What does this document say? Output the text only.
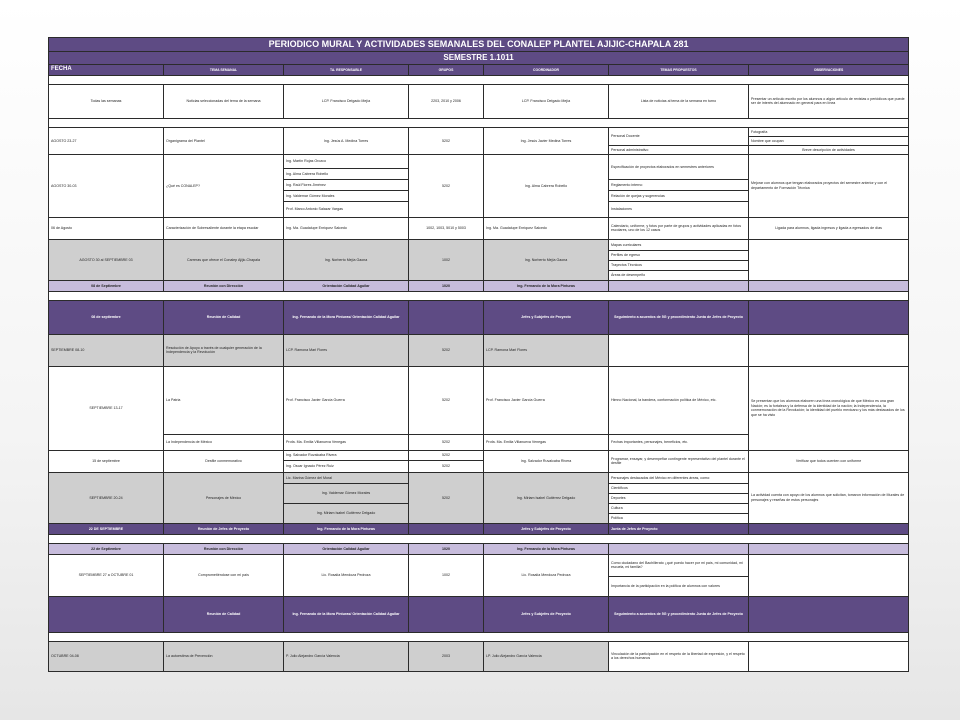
PERIODICO MURAL Y ACTIVIDADES SEMANALES DEL CONALEP PLANTEL AJIJIC-CHAPALA 281						
SEMESTRE 1.1011						
FECHA	TEMA SEMANAL	TA. RESPONSABLE	GRUPOS	COORDINADOR	TEMAS PROPUESTOS	OBSERVACIONES

Todas las semanas	Noticias seleccionadas del tema de la semana	LCP. Francisco Delgado Mejía	2203, 2010 y 2006	LCP. Francisco Delgado Mejía	Lista de noticias al tema de la semana en turno	Presentar un artículo escrito por los alumnos o algún artículo de revistas o periódicos que puede ser de interés del alumnado en general para en línea

AGOSTO 23-27	Organigrama del Plantel	Ing. Jesús A. Medina Torres	5202	Ing. Jesús Javier Medina Torres	Personal Docente	Fotografía
						Nombre que ocupan
					Personal administrativo	Breve descripción de actividades
AGOSTO 30-03	¿Qué es CONALEP?	Ing. Martín Rojas Orozco	5202	Ing. Alma Cabrera Robello	Especificación de proyectos elaborados en semestres anteriores	Mejorar con alumnos que tengan elaborados proyectos del semestre anterior y con el departamento de Formación Técnica
		Ing. Alma Cabrera Robello				
		Ing. Raúl Flores Jiménez			Reglamento interno	
		Ing. Valdemar Gómez Morales			Relación de quejas y sugerencias	
		Prof. Marco Antonio Salazar Vargas			Instalaciones	
06 de Agosto	Caracterización de Sobresaliente durante la etapa escolar	Ing. Ma. Guadalupe Enríquez Salcedo	1002, 1003, 5010 y 5003	Ing. Ma. Guadalupe Enríquez Salcedo	Calendario, uniforme, y fotos por parte de grupos y actividades aplicadas en fotos escolares, uno de los 12 casos	Ligada para alumnos, ligada ingresos y ligada a egresados de días
AGOSTO 30 al SEPTIEMBRE 03	Carreras que ofrece el Conalep Ajijic-Chapala	Ing. Norberto Mejía Gaona	1002	Ing. Norberto Mejía Gaona	Mapas curriculares	
					Perfiles de egreso	
					Trayectos Técnicos	
					Áreas de desempeño	
08 de Septiembre	Reunión con Dirección	Orientación Calidad Aguilar	1020	Ing. Fernando de la Mora Pinturas		

08 de septiembre	Reunión de Calidad	Ing. Fernando de la Mora Pinturas/ Orientación Calidad Aguilar		Jefes y Subjefes de Proyecto	Seguimiento a acuerdos de 5G y procedimiento Junta de Jefes de Proyecto	
SEPTIEMBRE 08-10	Resolución de Apoyo a través de cualquier generación de la Independencia y la Revolución	LCP. Ramona Mari Flores	5202	LCP. Ramona Mari Flores		
SEPTIEMBRE 13-17	La Patria	Prof. Francisco Javier García Guerra	5202	Prof. Francisco Javier García Guerra	Himno Nacional, la bandera, conformación política de México, etc.	Se presentan que los alumnos elaboren una línea cronológica de que México es una gran Nación; es la fortaleza y la defensa de la identidad de la nación; la Independencia, la conmemoración de la Revolución; la identidad del pueblo mexicano y los más destacados de los que se ha visto
	La Independencia de México	Profa. Ma. Emilia Villanueva Venegas	5202	Profa. Ma. Emilia Villanueva Venegas	Fechas importantes, personajes, beneficios, etc.	
15 de septiembre	Desfile conmemorativo	Ing. Salvador Ruvalcaba Rivera	5202	Ing. Salvador Ruvalcaba Rivera	Programar, ensayar, y desempeñar contingente representativo del plantel durante el desfile	Verificar que todos cuenten con uniforme
		Ing. Oscar Ignacio Pérez Ruiz	5202			
SEPTIEMBRE 20-24	Personajes de México	Lic. Marina Gómez del Moral	5202	Ing. Miriam Isabel Gutiérrez Delgado	Personajes destacados del México en diferentes áreas, como:	La actividad cuenta con apoyo de los alumnos que solicitan, tomaron información de Murales de personajes y reseñas de estos personajes
		Ing. Valdemar Gómez Morales			Científicos	
					Deportes	
		Ing. Miriam Isabel Gutiérrez Delgado			Cultura	
					Política	
22 DE SEPTIEMBRE	Reunión de Jefes de Proyecto	Ing. Fernando de la Mora Pinturas		Jefes y Subjefes de Proyecto	Junta de Jefes de Proyecto	

22 de Septiembre	Reunión con Dirección	Orientación Calidad Aguilar	1020	Ing. Fernando de la Mora Pinturas		
SEPTIEMBRE 27 a OCTUBRE 01	Comprometiéndose con mi país	Lic. Rosalía Mendoza Pedroza	1002	Lic. Rosalía Mendoza Pedroza	Como ciudadano del Bachillerato ¿qué puedo hacer por mi país, mi comunidad, mi escuela, mi familia?	
					Importancia de la participación en la política de alumnos con valores	
	Reunión de Calidad	Ing. Fernando de la Mora Pinturas/ Orientación Calidad Aguilar		Jefes y Subjefes de Proyecto	Seguimiento a acuerdos de 5G y procedimiento Junta de Jefes de Proyecto	

OCTUBRE 04-08	La autoestima de Prevención	P. Julio Alejandro García Valencia	2003	LP. Julio Alejandro García Valencia	Vinculación de la participación en el respeto de la libertad de expresión, y el respeto a los derechos humanos	
